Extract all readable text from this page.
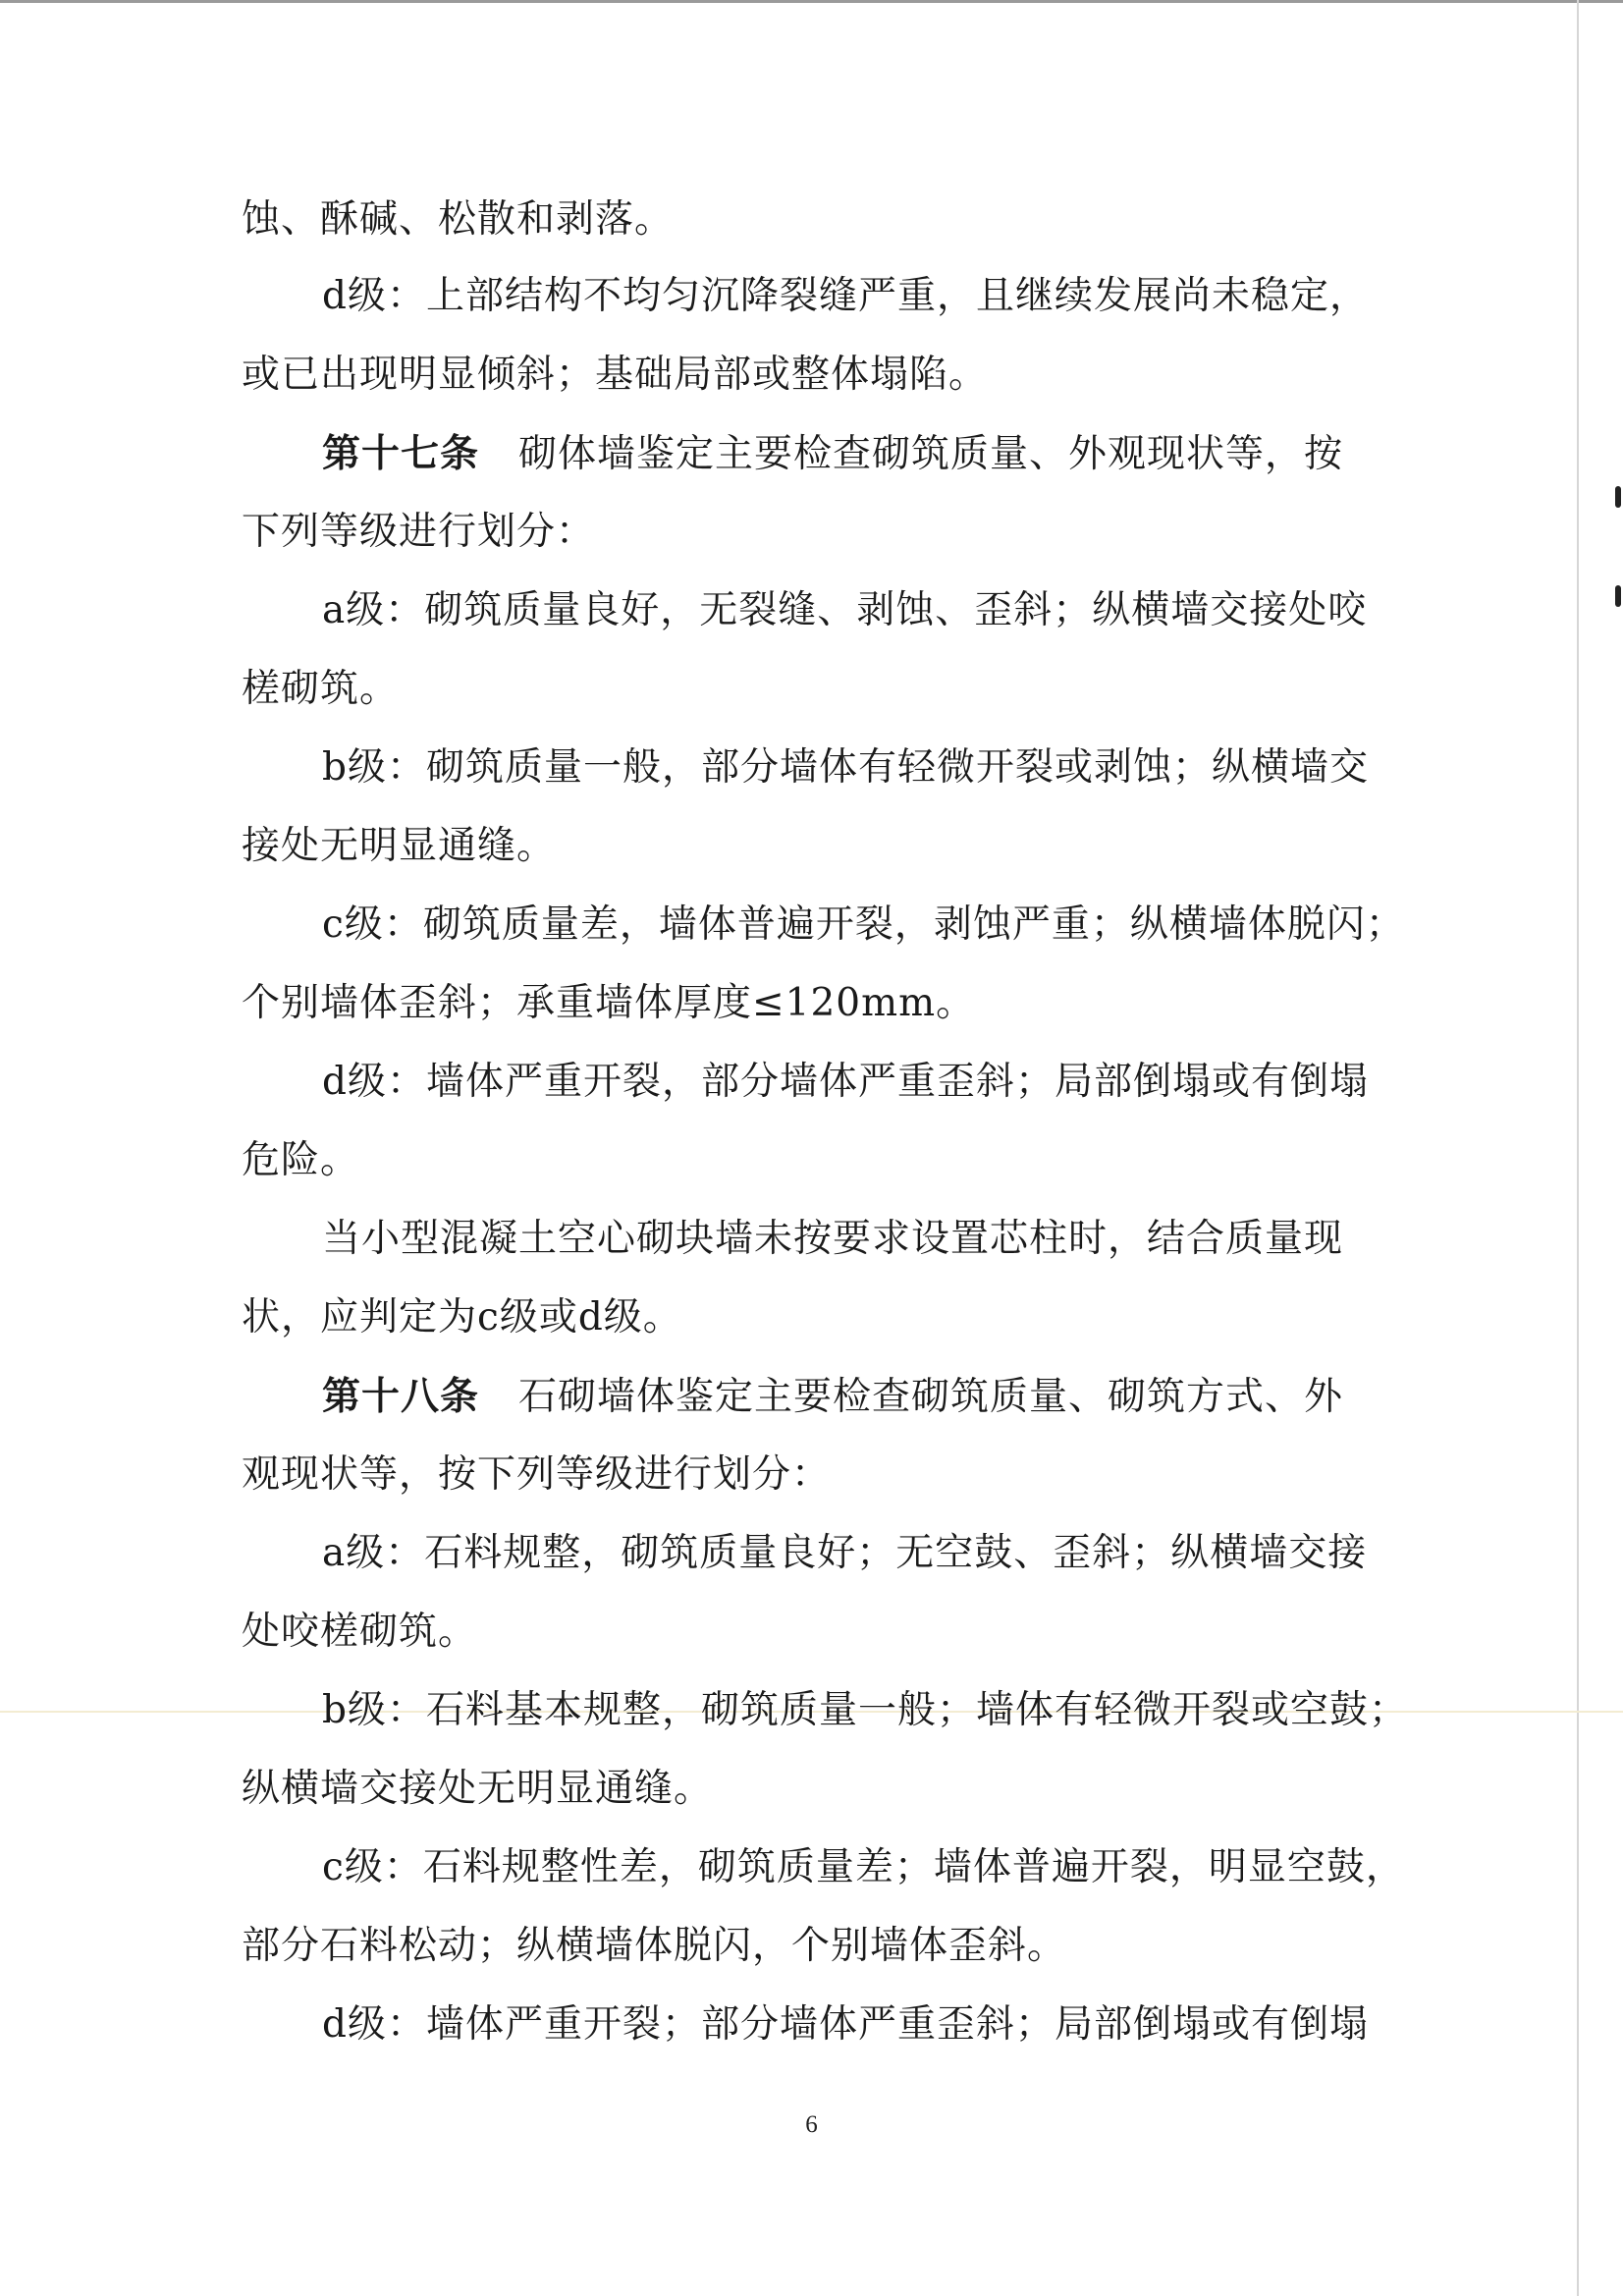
蚀、酥碱、松散和剥落。
d级：上部结构不均匀沉降裂缝严重，且继续发展尚未稳定，
或已出现明显倾斜；基础局部或整体塌陷。
第十七条　砌体墙鉴定主要检查砌筑质量、外观现状等，按
下列等级进行划分：
a级：砌筑质量良好，无裂缝、剥蚀、歪斜；纵横墙交接处咬
槎砌筑。
b级：砌筑质量一般，部分墙体有轻微开裂或剥蚀；纵横墙交
接处无明显通缝。
c级：砌筑质量差，墙体普遍开裂，剥蚀严重；纵横墙体脱闪；
个别墙体歪斜；承重墙体厚度≤120mm。
d级：墙体严重开裂，部分墙体严重歪斜；局部倒塌或有倒塌
危险。
当小型混凝土空心砌块墙未按要求设置芯柱时，结合质量现
状，应判定为c级或d级。
第十八条　石砌墙体鉴定主要检查砌筑质量、砌筑方式、外
观现状等，按下列等级进行划分：
a级：石料规整，砌筑质量良好；无空鼓、歪斜；纵横墙交接
处咬槎砌筑。
b级：石料基本规整，砌筑质量一般；墙体有轻微开裂或空鼓；
纵横墙交接处无明显通缝。
c级：石料规整性差，砌筑质量差；墙体普遍开裂，明显空鼓，
部分石料松动；纵横墙体脱闪，个别墙体歪斜。
d级：墙体严重开裂；部分墙体严重歪斜；局部倒塌或有倒塌
6
